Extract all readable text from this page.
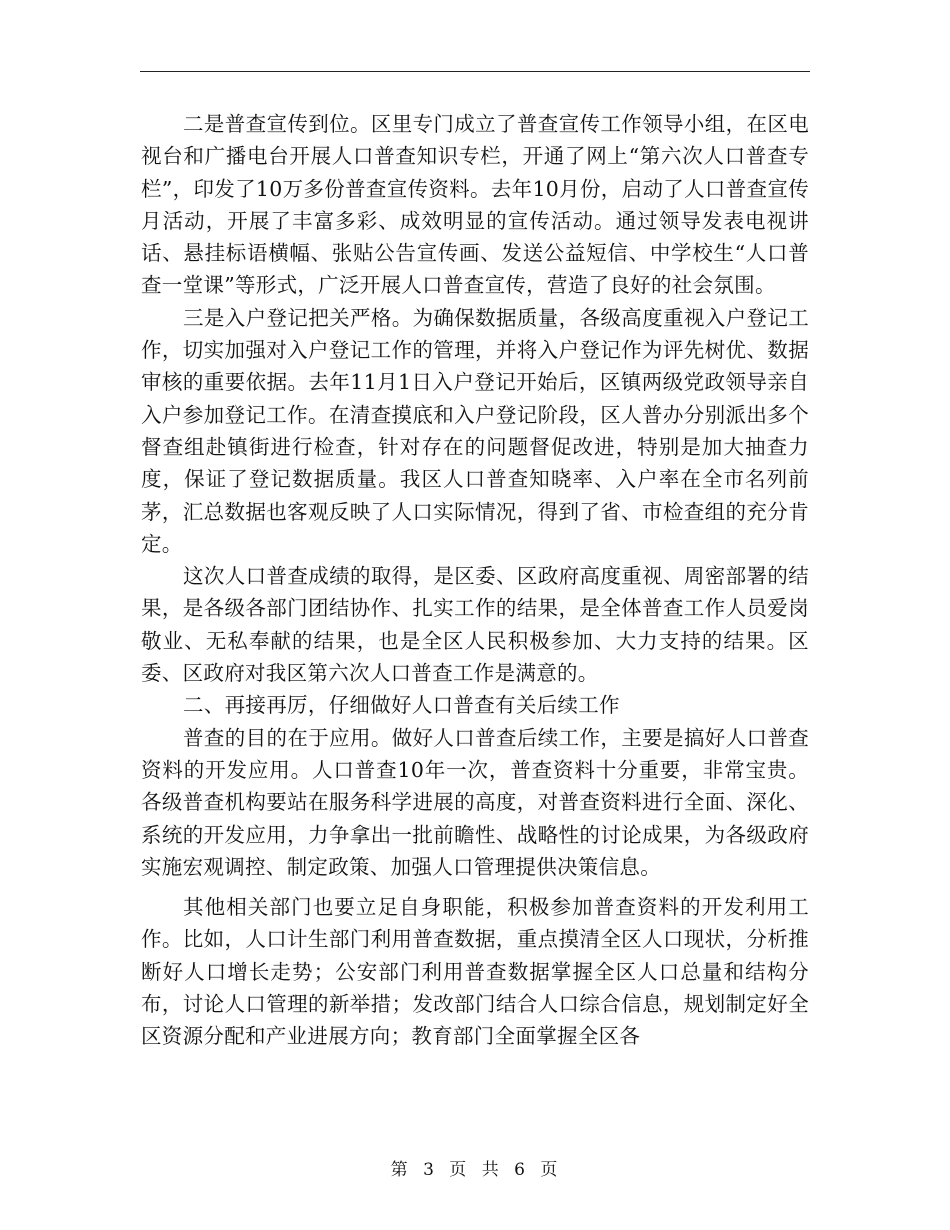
二是普查宣传到位。区里专门成立了普查宣传工作领导小组，在区电视台和广播电台开展人口普查知识专栏，开通了网上“第六次人口普查专栏”，印发了10万多份普查宣传资料。去年10月份，启动了人口普查宣传月活动，开展了丰富多彩、成效明显的宣传活动。通过领导发表电视讲话、悬挂标语横幅、张贴公告宣传画、发送公益短信、中学校生“人口普查一堂课”等形式，广泛开展人口普查宣传，营造了良好的社会氛围。

三是入户登记把关严格。为确保数据质量，各级高度重视入户登记工作，切实加强对入户登记工作的管理，并将入户登记作为评先树优、数据审核的重要依据。去年11月1日入户登记开始后，区镇两级党政领导亲自入户参加登记工作。在清查摸底和入户登记阶段，区人普办分别派出多个督查组赴镇街进行检查，针对存在的问题督促改进，特别是加大抽查力度，保证了登记数据质量。我区人口普查知晓率、入户率在全市名列前茅，汇总数据也客观反映了人口实际情况，得到了省、市检查组的充分肯定。

这次人口普查成绩的取得，是区委、区政府高度重视、周密部署的结果，是各级各部门团结协作、扎实工作的结果，是全体普查工作人员爱岗敬业、无私奉献的结果，也是全区人民积极参加、大力支持的结果。区委、区政府对我区第六次人口普查工作是满意的。

二、再接再厉，仔细做好人口普查有关后续工作

普查的目的在于应用。做好人口普查后续工作，主要是搞好人口普查资料的开发应用。人口普查10年一次，普查资料十分重要，非常宝贵。各级普查机构要站在服务科学进展的高度，对普查资料进行全面、深化、系统的开发应用，力争拿出一批前瞻性、战略性的讨论成果，为各级政府实施宏观调控、制定政策、加强人口管理提供决策信息。

其他相关部门也要立足自身职能，积极参加普查资料的开发利用工作。比如，人口计生部门利用普查数据，重点摸清全区人口现状，分析推断好人口增长走势；公安部门利用普查数据掌握全区人口总量和结构分布，讨论人口管理的新举措；发改部门结合人口综合信息，规划制定好全区资源分配和产业进展方向；教育部门全面掌握全区各

第 3 页 共 6 页
